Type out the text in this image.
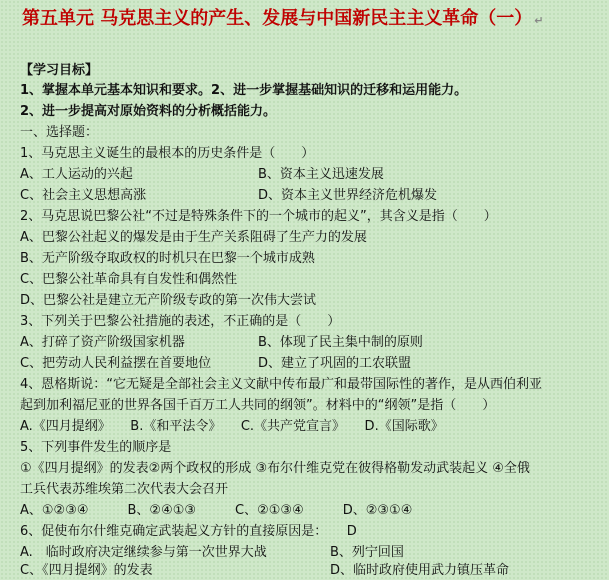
第五单元 马克思主义的产生、发展与中国新民主主义革命（一） ↵
【学习目标】
1、掌握本单元基本知识和要求。2、进一步掌握基础知识的迁移和运用能力。
2、进一步提高对原始资料的分析概括能力。
一、选择题：
1、马克思主义诞生的最根本的历史条件是（　　）
A、工人运动的兴起	B、资本主义迅速发展
C、社会主义思想高涨	D、资本主义世界经济危机爆发
2、马克思说巴黎公社“不过是特殊条件下的一个城市的起义”，其含义是指（　　）
A、巴黎公社起义的爆发是由于生产关系阻碍了生产力的发展
B、无产阶级夺取政权的时机只在巴黎一个城市成熟
C、巴黎公社革命具有自发性和偶然性
D、巴黎公社是建立无产阶级专政的第一次伟大尝试
3、下列关于巴黎公社措施的表述，不正确的是（　　）
A、打碎了资产阶级国家机器	B、体现了民主集中制的原则
C、把劳动人民利益摆在首要地位	D、建立了巩固的工农联盟
4、恩格斯说：“它无疑是全部社会主义文献中传布最广和最带国际性的著作，是从西伯利亚
起到加利福尼亚的世界各国千百万工人共同的纲领”。材料中的“纲领”是指（　　）
A.《四月提纲》　　B.《和平法令》　　C.《共产党宣言》　　D.《国际歌》
5、下列事件发生的顺序是
①《四月提纲》的发表②两个政权的形成 ③布尔什维克党在彼得格勒发动武装起义 ④全俄
工兵代表苏维埃第二次代表大会召开
A、①②③④　　　B、②④①③　　　C、②①③④　　　D、②③①④
6、促使布尔什维克确定武装起义方针的直接原因是：　　D
A.　临时政府决定继续参与第一次世界大战	B、列宁回国
C、《四月提纲》的发表	D、临时政府使用武力镇压革命
